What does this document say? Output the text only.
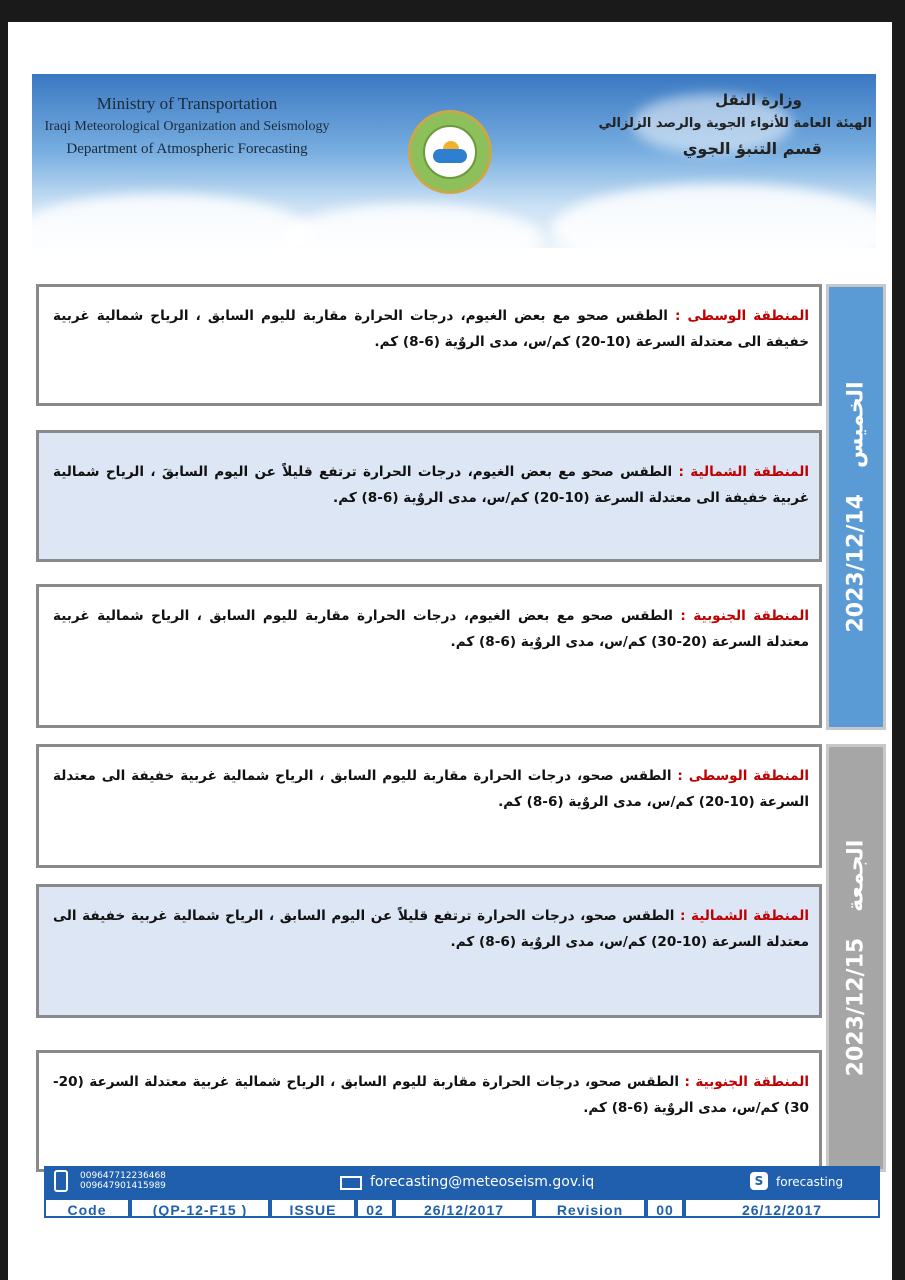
Ministry of Transportation
Iraqi Meteorological Organization and Seismology
Department of Atmospheric Forecasting
وزارة النقل
الهيئة العامة للأنواء الجوية والرصد الزلزالي
قسم التنبؤ الجوي

المنطقة الوسطى : الطقس صحو مع بعض الغيوم، درجات الحرارة مقاربة لليوم السابق ، الرياح شمالية غربية خفيفة الى معتدلة السرعة (10-20) كم/س، مدى الروٌية (6-8) كم.

المنطقة الشمالية : الطقس صحو مع بعض الغيوم، درجات الحرارة ترتفع قليلاً عن اليوم السابقَ ، الرياح شمالية غربية خفيفة الى معتدلة السرعة (10-20) كم/س، مدى الروٌية (6-8) كم.

المنطقة الجنوبية : الطقس صحو مع بعض الغيوم، درجات الحرارة مقاربة لليوم السابق ، الرياح شمالية غربية معتدلة السرعة (20-30) كم/س، مدى الروٌية (6-8) كم.

2023/12/14الخميس

المنطقة الوسطى : الطقس صحو، درجات الحرارة مقاربة لليوم السابق ، الرياح شمالية غربية خفيفة الى معتدلة السرعة (10-20) كم/س، مدى الروٌية (6-8) كم.

المنطقة الشمالية : الطقس صحو، درجات الحرارة ترتفع قليلاً عن اليوم السابق ، الرياح شمالية غربية خفيفة الى معتدلة السرعة (10-20) كم/س، مدى الروٌية (6-8) كم.

المنطقة الجنوبية : الطقس صحو، درجات الحرارة مقاربة لليوم السابق ، الرياح شمالية غربية معتدلة السرعة (20-30) كم/س، مدى الروٌية (6-8) كم.

2023/12/15الجمعة
009647712236468
009647901415989	forecasting@meteoseism.gov.iq	S	forecasting
Code	(QP-12-F15 )	ISSUE	02	26/12/2017	Revision	00	26/12/2017
